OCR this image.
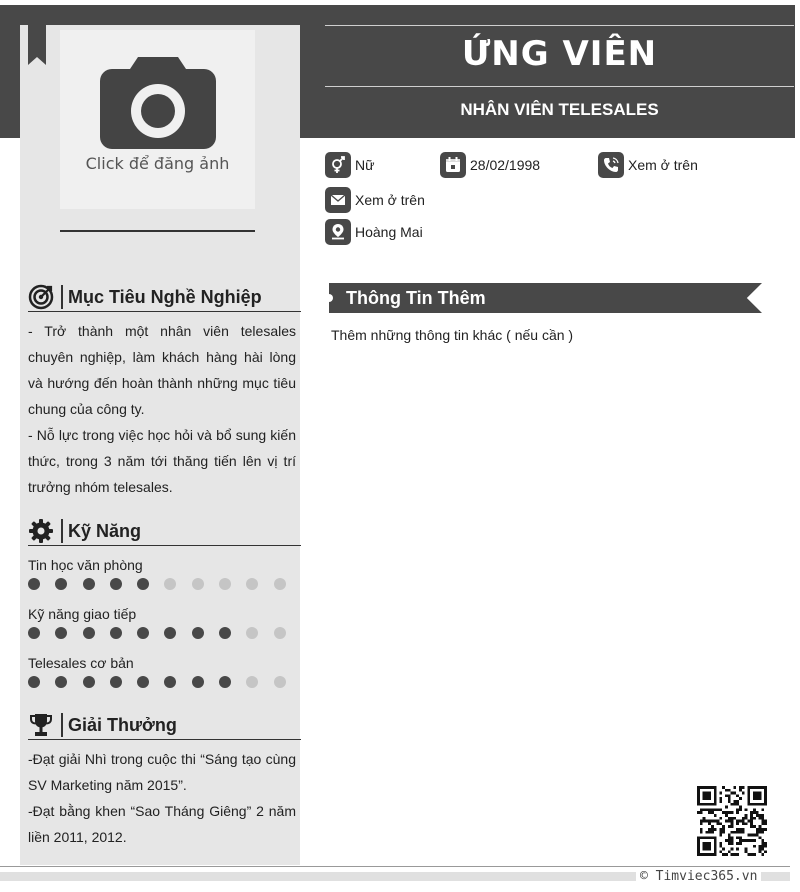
Click để đăng ảnh
ỨNG VIÊN
NHÂN VIÊN TELESALES
Nữ	28/02/1998	Xem ở trên
Xem ở trên
Hoàng Mai
Mục Tiêu Nghề Nghiệp
- Trở thành một nhân viên telesales chuyên nghiệp, làm khách hàng hài lòng và hướng đến hoàn thành những mục tiêu chung của công ty.
- Nỗ lực trong việc học hỏi và bổ sung kiến thức, trong 3 năm tới thăng tiến lên vị trí trưởng nhóm telesales.
Kỹ Năng
Tin học văn phòng
Kỹ năng giao tiếp
Telesales cơ bản
Giải Thưởng
-Đạt giải Nhì trong cuộc thi “Sáng tạo cùng SV Marketing năm 2015”.
-Đạt bằng khen “Sao Tháng Giêng” 2 năm liền 2011, 2012.
Thông Tin Thêm
Thêm những thông tin khác ( nếu cần )
© Timviec365.vn
